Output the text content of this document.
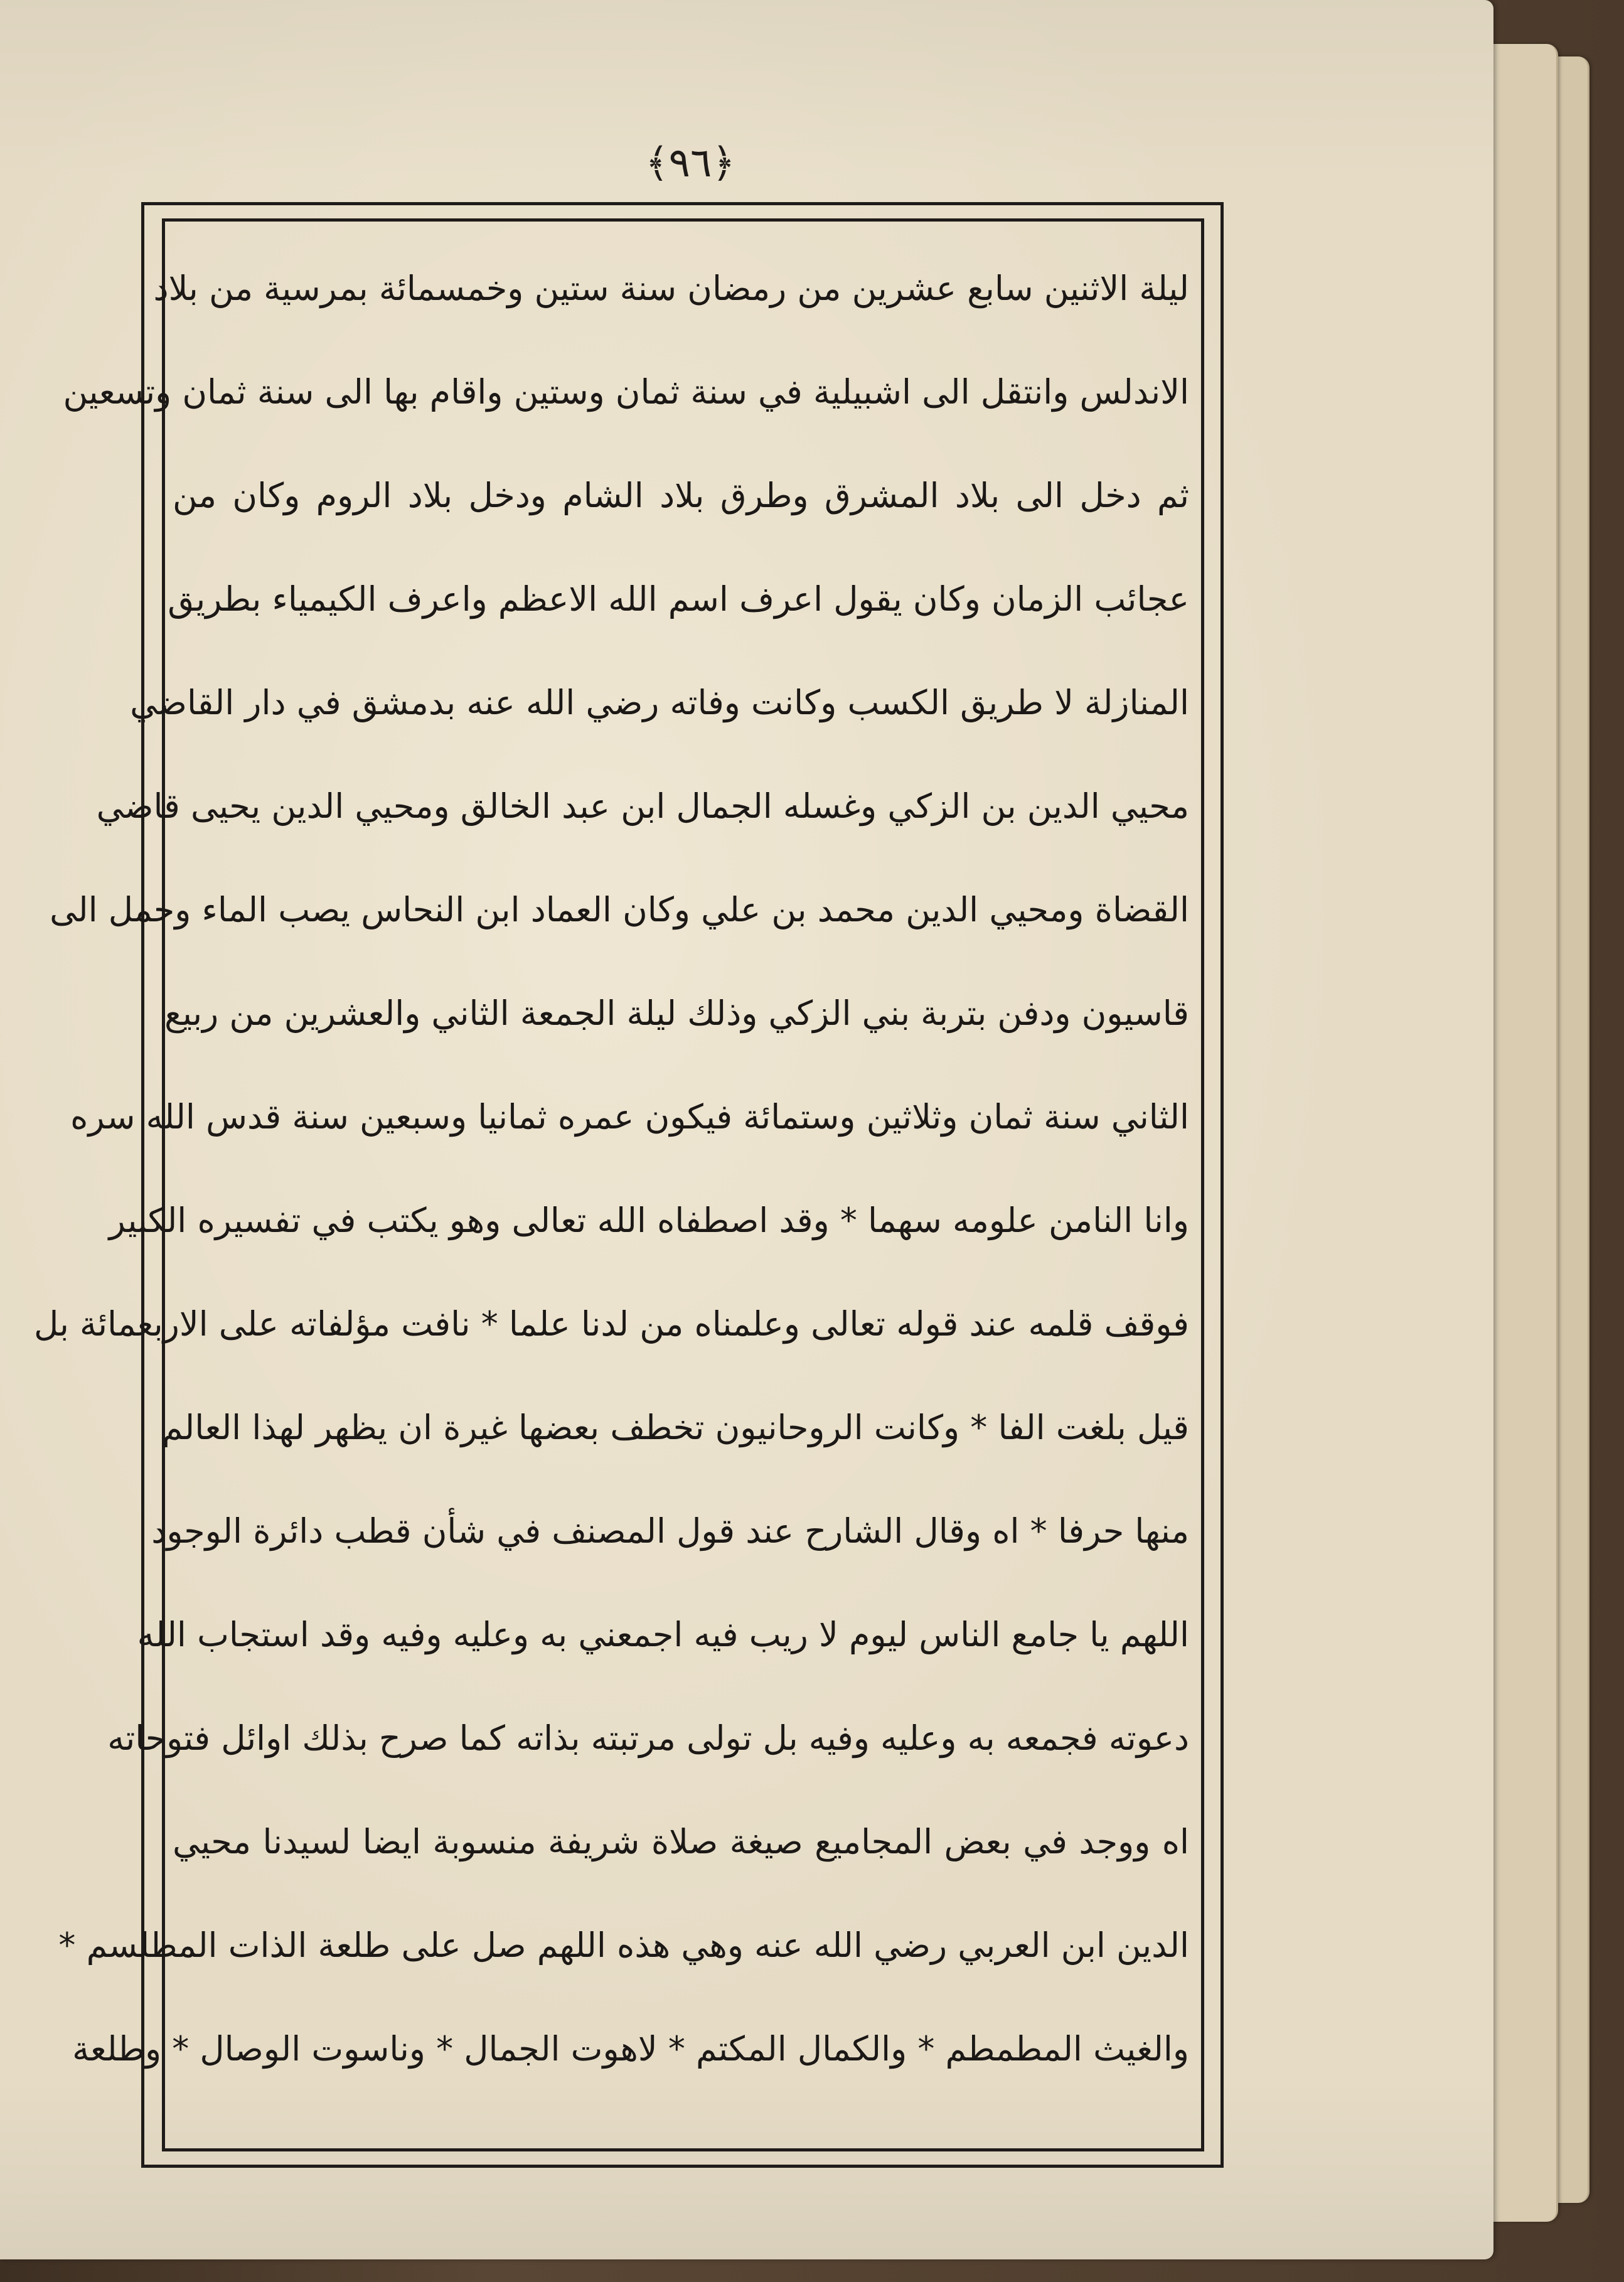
﴿٩٦﴾
ليلة الاثنين سابع عشرين من رمضان سنة ستين وخمسمائة بمرسية من بلاد
الاندلس وانتقل الى اشبيلية في سنة ثمان وستين واقام بها الى سنة ثمان وتسعين
ثم دخل الى بلاد المشرق وطرق بلاد الشام ودخل بلاد الروم وكان من
عجائب الزمان وكان يقول اعرف اسم الله الاعظم واعرف الكيمياء بطريق
المنازلة لا طريق الكسب وكانت وفاته رضي الله عنه بدمشق في دار القاضي
محيي الدين بن الزكي وغسله الجمال ابن عبد الخالق ومحيي الدين يحيى قاضي
القضاة ومحيي الدين محمد بن علي وكان العماد ابن النحاس يصب الماء وحمل الى
قاسيون ودفن بتربة بني الزكي وذلك ليلة الجمعة الثاني والعشرين من ربيع
الثاني سنة ثمان وثلاثين وستمائة فيكون عمره ثمانيا وسبعين سنة قدس الله سره
وانا النامن علومه سهما * وقد اصطفاه الله تعالى وهو يكتب في تفسيره الكبير
فوقف قلمه عند قوله تعالى وعلمناه من لدنا علما * نافت مؤلفاته على الاربعمائة بل
قيل بلغت الفا * وكانت الروحانيون تخطف بعضها غيرة ان يظهر لهذا العالم
منها حرفا * اه وقال الشارح عند قول المصنف في شأن قطب دائرة الوجود
اللهم يا جامع الناس ليوم لا ريب فيه اجمعني به وعليه وفيه وقد استجاب الله
دعوته فجمعه به وعليه وفيه بل تولى مرتبته بذاته كما صرح بذلك اوائل فتوحاته
اه ووجد في بعض المجاميع صيغة صلاة شريفة منسوبة ايضا لسيدنا محيي
الدين ابن العربي رضي الله عنه وهي هذه اللهم صل على طلعة الذات المطلسم *
والغيث المطمطم * والكمال المكتم * لاهوت الجمال * وناسوت الوصال * وطلعة
